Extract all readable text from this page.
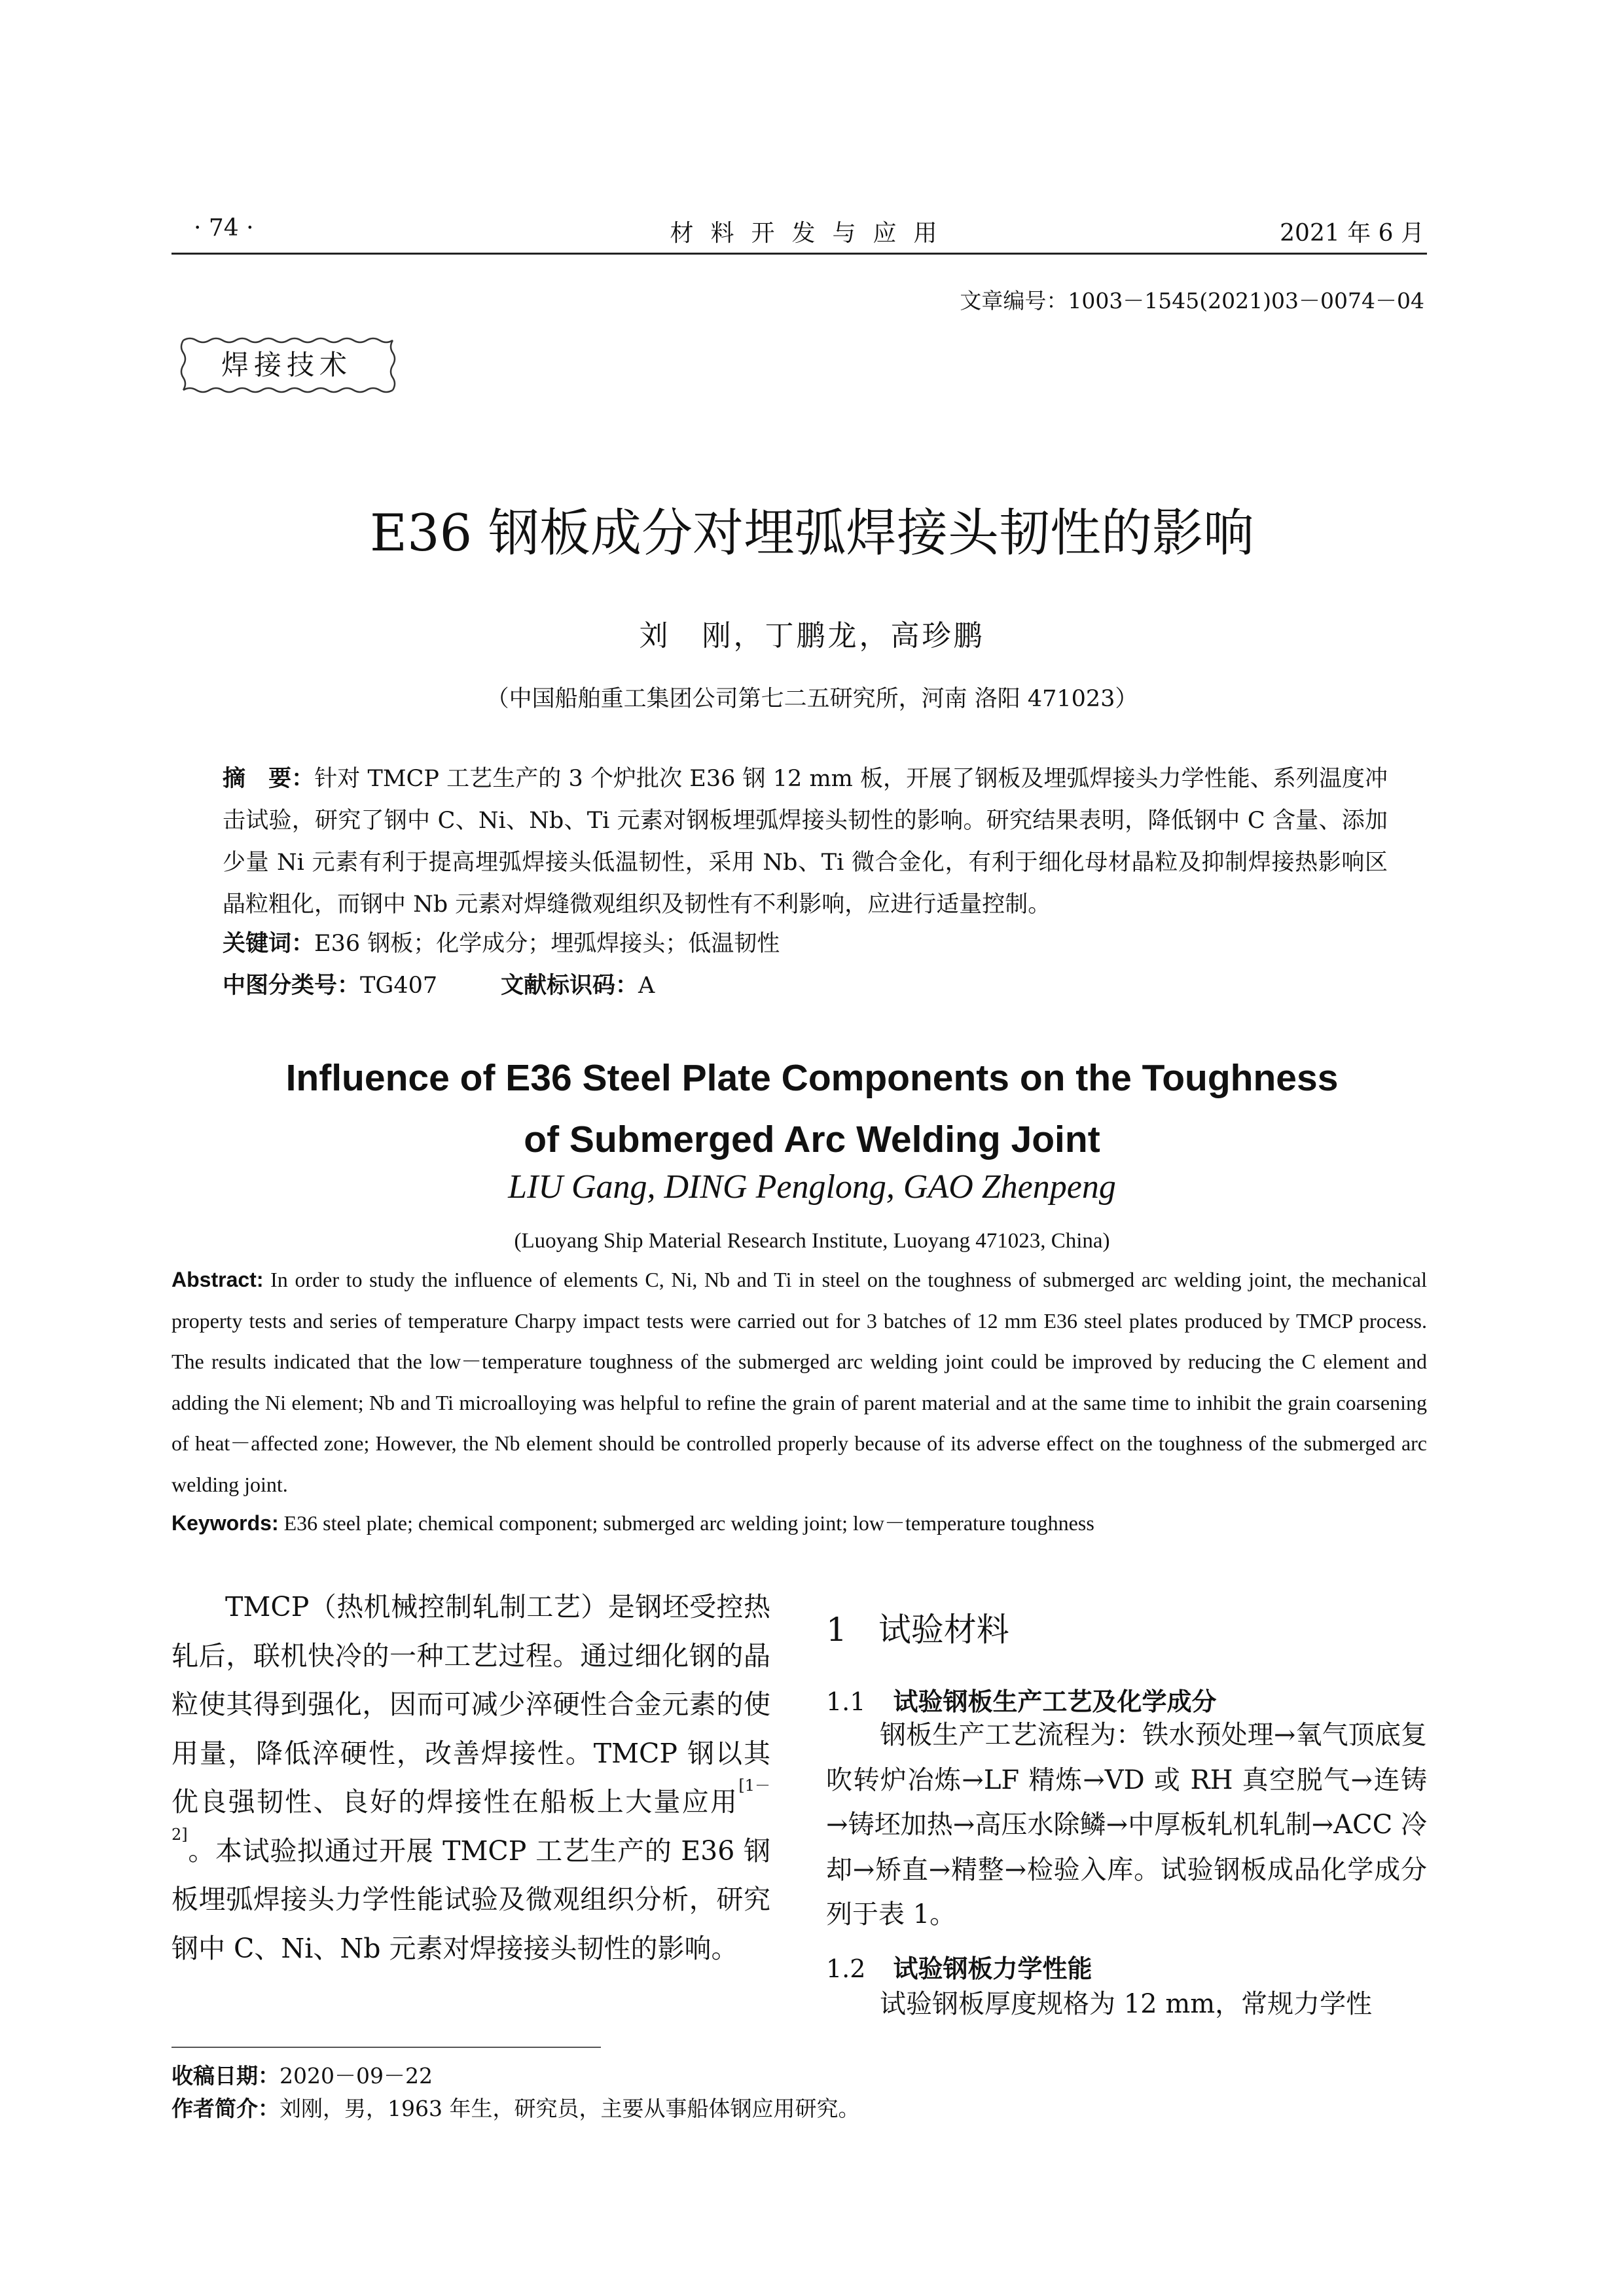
· 74 ·	材料开发与应用	2021 年 6 月
文章编号：1003－1545(2021)03－0074－04
焊接技术
E36 钢板成分对埋弧焊接头韧性的影响
刘　刚，丁鹏龙，高珍鹏
（中国船舶重工集团公司第七二五研究所，河南 洛阳 471023）
摘　要：针对 TMCP 工艺生产的 3 个炉批次 E36 钢 12 mm 板，开展了钢板及埋弧焊接头力学性能、系列温度冲击试验，研究了钢中 C、Ni、Nb、Ti 元素对钢板埋弧焊接头韧性的影响。研究结果表明，降低钢中 C 含量、添加少量 Ni 元素有利于提高埋弧焊接头低温韧性，采用 Nb、Ti 微合金化，有利于细化母材晶粒及抑制焊接热影响区晶粒粗化，而钢中 Nb 元素对焊缝微观组织及韧性有不利影响，应进行适量控制。
关键词：E36 钢板；化学成分；埋弧焊接头；低温韧性
中图分类号：TG407	文献标识码：A
Influence of E36 Steel Plate Components on the Toughness
of Submerged Arc Welding Joint
LIU Gang, DING Penglong, GAO Zhenpeng
(Luoyang Ship Material Research Institute, Luoyang 471023, China)
Abstract: In order to study the influence of elements C, Ni, Nb and Ti in steel on the toughness of submerged arc welding joint, the mechanical property tests and series of temperature Charpy impact tests were carried out for 3 batches of 12 mm E36 steel plates produced by TMCP process. The results indicated that the low－temperature toughness of the submerged arc welding joint could be improved by reducing the C element and adding the Ni element; Nb and Ti microalloying was helpful to refine the grain of parent material and at the same time to inhibit the grain coarsening of heat－affected zone; However, the Nb element should be controlled properly because of its adverse effect on the toughness of the submerged arc welding joint.
Keywords: E36 steel plate; chemical component; submerged arc welding joint; low－temperature toughness
TMCP（热机械控制轧制工艺）是钢坯受控热轧后，联机快冷的一种工艺过程。通过细化钢的晶粒使其得到强化，因而可减少淬硬性合金元素的使用量，降低淬硬性，改善焊接性。TMCP 钢以其优良强韧性、良好的焊接性在船板上大量应用[1－2]。本试验拟通过开展 TMCP 工艺生产的 E36 钢板埋弧焊接头力学性能试验及微观组织分析，研究钢中 C、Ni、Nb 元素对焊接接头韧性的影响。
1 试验材料
1.1 试验钢板生产工艺及化学成分
钢板生产工艺流程为：铁水预处理→氧气顶底复吹转炉冶炼→LF 精炼→VD 或 RH 真空脱气→连铸→铸坯加热→高压水除鳞→中厚板轧机轧制→ACC 冷却→矫直→精整→检验入库。试验钢板成品化学成分列于表 1。
1.2 试验钢板力学性能
试验钢板厚度规格为 12 mm，常规力学性
收稿日期：2020－09－22
作者简介：刘刚，男，1963 年生，研究员，主要从事船体钢应用研究。
